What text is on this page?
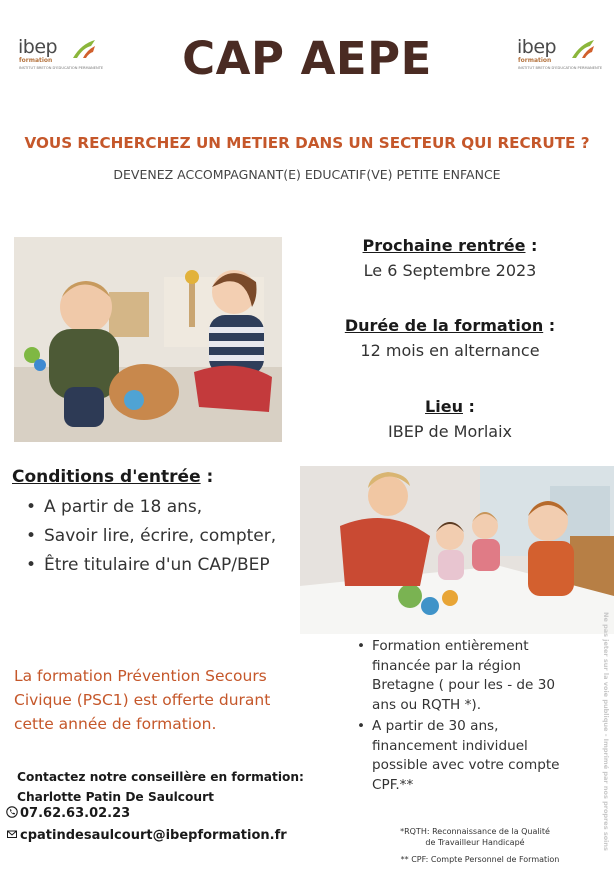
ibep
formation
INSTITUT BRETON D'EDUCATION PERMANENTE
ibep
formation
INSTITUT BRETON D'EDUCATION PERMANENTE
CAP AEPE
VOUS RECHERCHEZ UN METIER DANS UN SECTEUR QUI RECRUTE ?
DEVENEZ ACCOMPAGNANT(E) EDUCATIF(VE) PETITE ENFANCE
Prochaine rentrée :
Le 6 Septembre 2023
Durée de la formation :
12 mois en alternance
Lieu :
IBEP de Morlaix
Conditions d'entrée :
• A partir de 18 ans,
• Savoir lire, écrire, compter,
• Être titulaire d'un CAP/BEP
La formation Prévention Secours Civique (PSC1) est offerte durant cette année de formation.
• Formation entièrement financée par la région Bretagne ( pour les - de 30 ans ou RQTH *).
• A partir de 30 ans, financement individuel possible avec votre compte CPF.**
Contactez notre conseillère en formation:
Charlotte Patin De Saulcourt
07.62.63.02.23
cpatindesaulcourt@ibepformation.fr	*RQTH: Reconnaissance de la Qualité
de Travailleur Handicapé
** CPF: Compte Personnel de Formation
Ne pas jeter sur la voie publique - Imprimé par nos propres soins
